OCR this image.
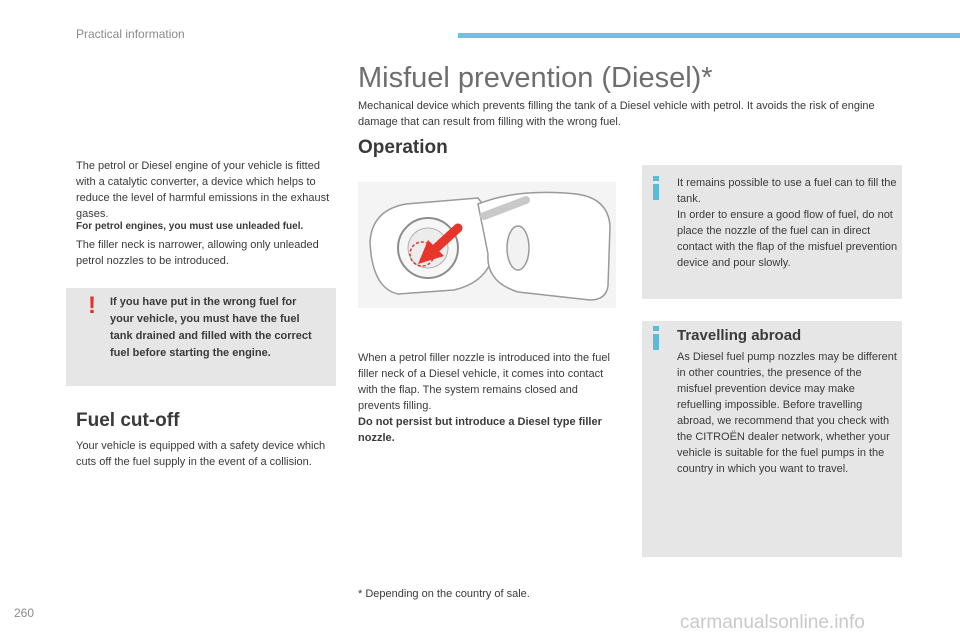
Practical information
Misfuel prevention (Diesel)*
Mechanical device which prevents filling the tank of a Diesel vehicle with petrol. It avoids the risk of engine damage that can result from filling with the wrong fuel.
The petrol or Diesel engine of your vehicle is fitted with a catalytic converter, a device which helps to reduce the level of harmful emissions in the exhaust gases.
For petrol engines, you must use unleaded fuel.
The filler neck is narrower, allowing only unleaded petrol nozzles to be introduced.
! If you have put in the wrong fuel for your vehicle, you must have the fuel tank drained and filled with the correct fuel before starting the engine.
Fuel cut-off
Your vehicle is equipped with a safety device which cuts off the fuel supply in the event of a collision.
Operation
When a petrol filler nozzle is introduced into the fuel filler neck of a Diesel vehicle, it comes into contact with the flap. The system remains closed and prevents filling.
Do not persist but introduce a Diesel type filler nozzle.
It remains possible to use a fuel can to fill the tank.
In order to ensure a good flow of fuel, do not place the nozzle of the fuel can in direct contact with the flap of the misfuel prevention device and pour slowly.
Travelling abroad
As Diesel fuel pump nozzles may be different in other countries, the presence of the misfuel prevention device may make refuelling impossible. Before travelling abroad, we recommend that you check with the CITROËN dealer network, whether your vehicle is suitable for the fuel pumps in the country in which you want to travel.
* Depending on the country of sale.
260	carmanualsonline.info
